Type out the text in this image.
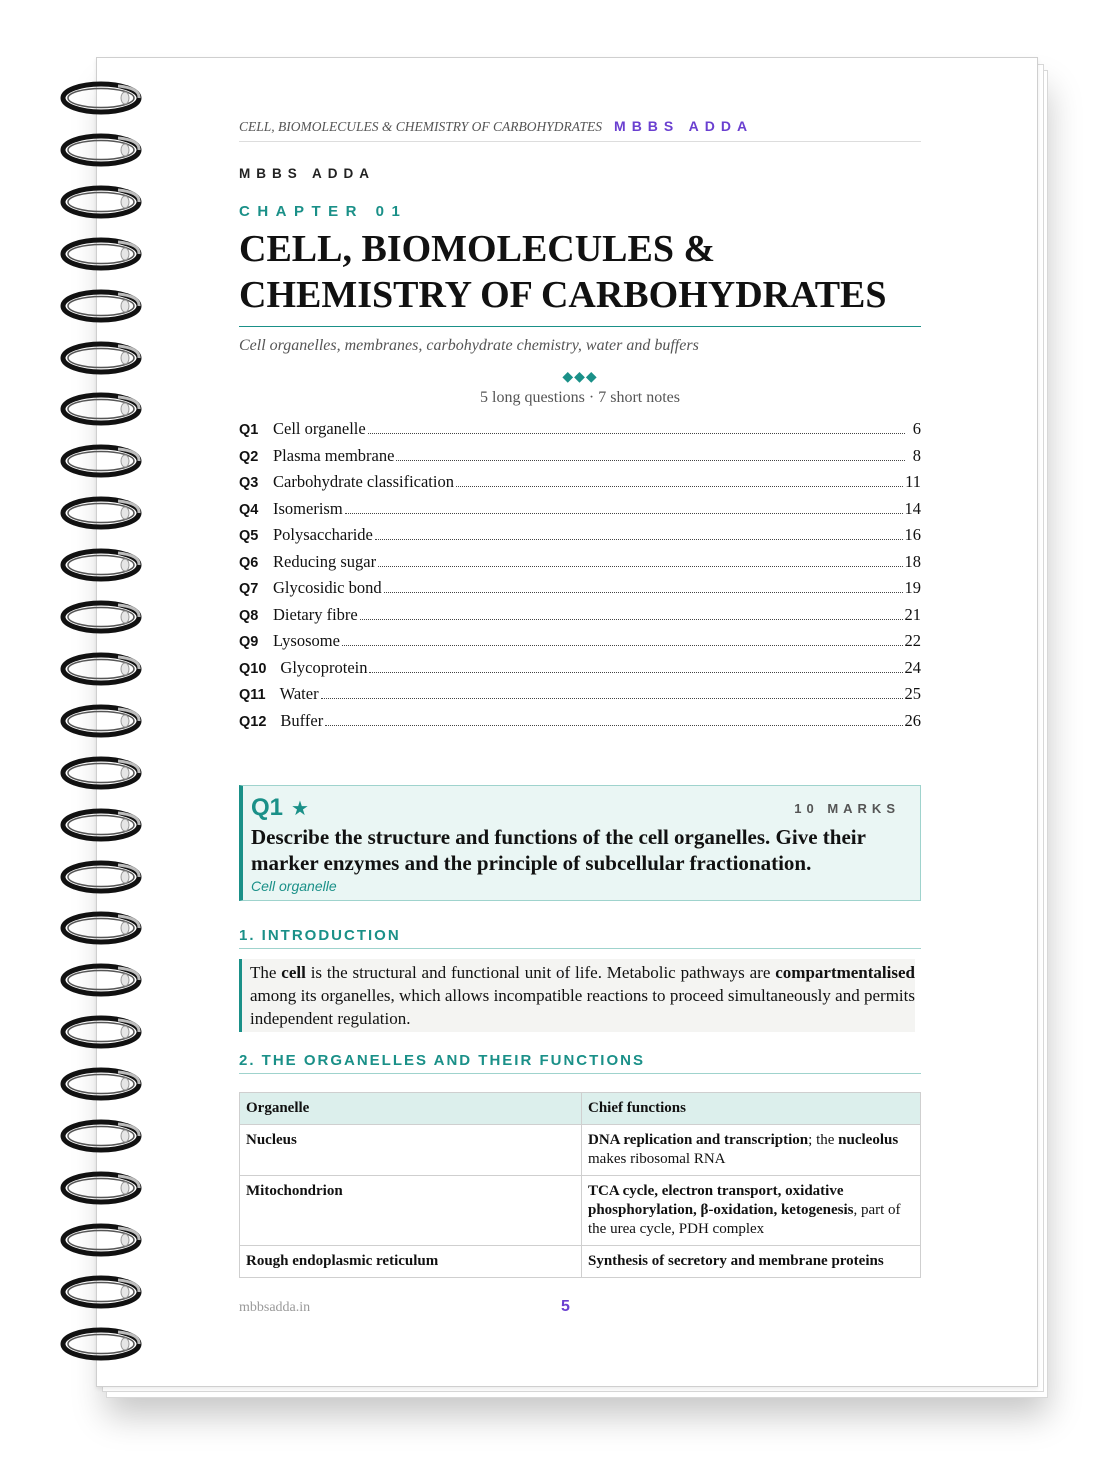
CELL, BIOMOLECULES & CHEMISTRY OF CARBOHYDRATES MBBS ADDA
MBBS ADDA
CHAPTER 01
CELL, BIOMOLECULES &
CHEMISTRY OF CARBOHYDRATES
Cell organelles, membranes, carbohydrate chemistry, water and buffers
◆◆◆
5 long questions · 7 short notes
Q1 Cell organelle	6
Q2 Plasma membrane	8
Q3 Carbohydrate classification	11
Q4 Isomerism	14
Q5 Polysaccharide	16
Q6 Reducing sugar	18
Q7 Glycosidic bond	19
Q8 Dietary fibre	21
Q9 Lysosome	22
Q10 Glycoprotein	24
Q11 Water	25
Q12 Buffer	26
Q1 ★	10 MARKS
Describe the structure and functions of the cell organelles. Give their marker enzymes and the principle of subcellular fractionation.
Cell organelle
1. INTRODUCTION
The cell is the structural and functional unit of life. Metabolic pathways are compartmentalised among its organelles, which allows incompatible reactions to proceed simultaneously and permits independent regulation.
2. THE ORGANELLES AND THEIR FUNCTIONS
Organelle	Chief functions
Nucleus	DNA replication and transcription; the nucleolus makes ribosomal RNA
Mitochondrion	TCA cycle, electron transport, oxidative phosphorylation, β-oxidation, ketogenesis, part of the urea cycle, PDH complex
Rough endoplasmic reticulum	Synthesis of secretory and membrane proteins
mbbsadda.in	5
